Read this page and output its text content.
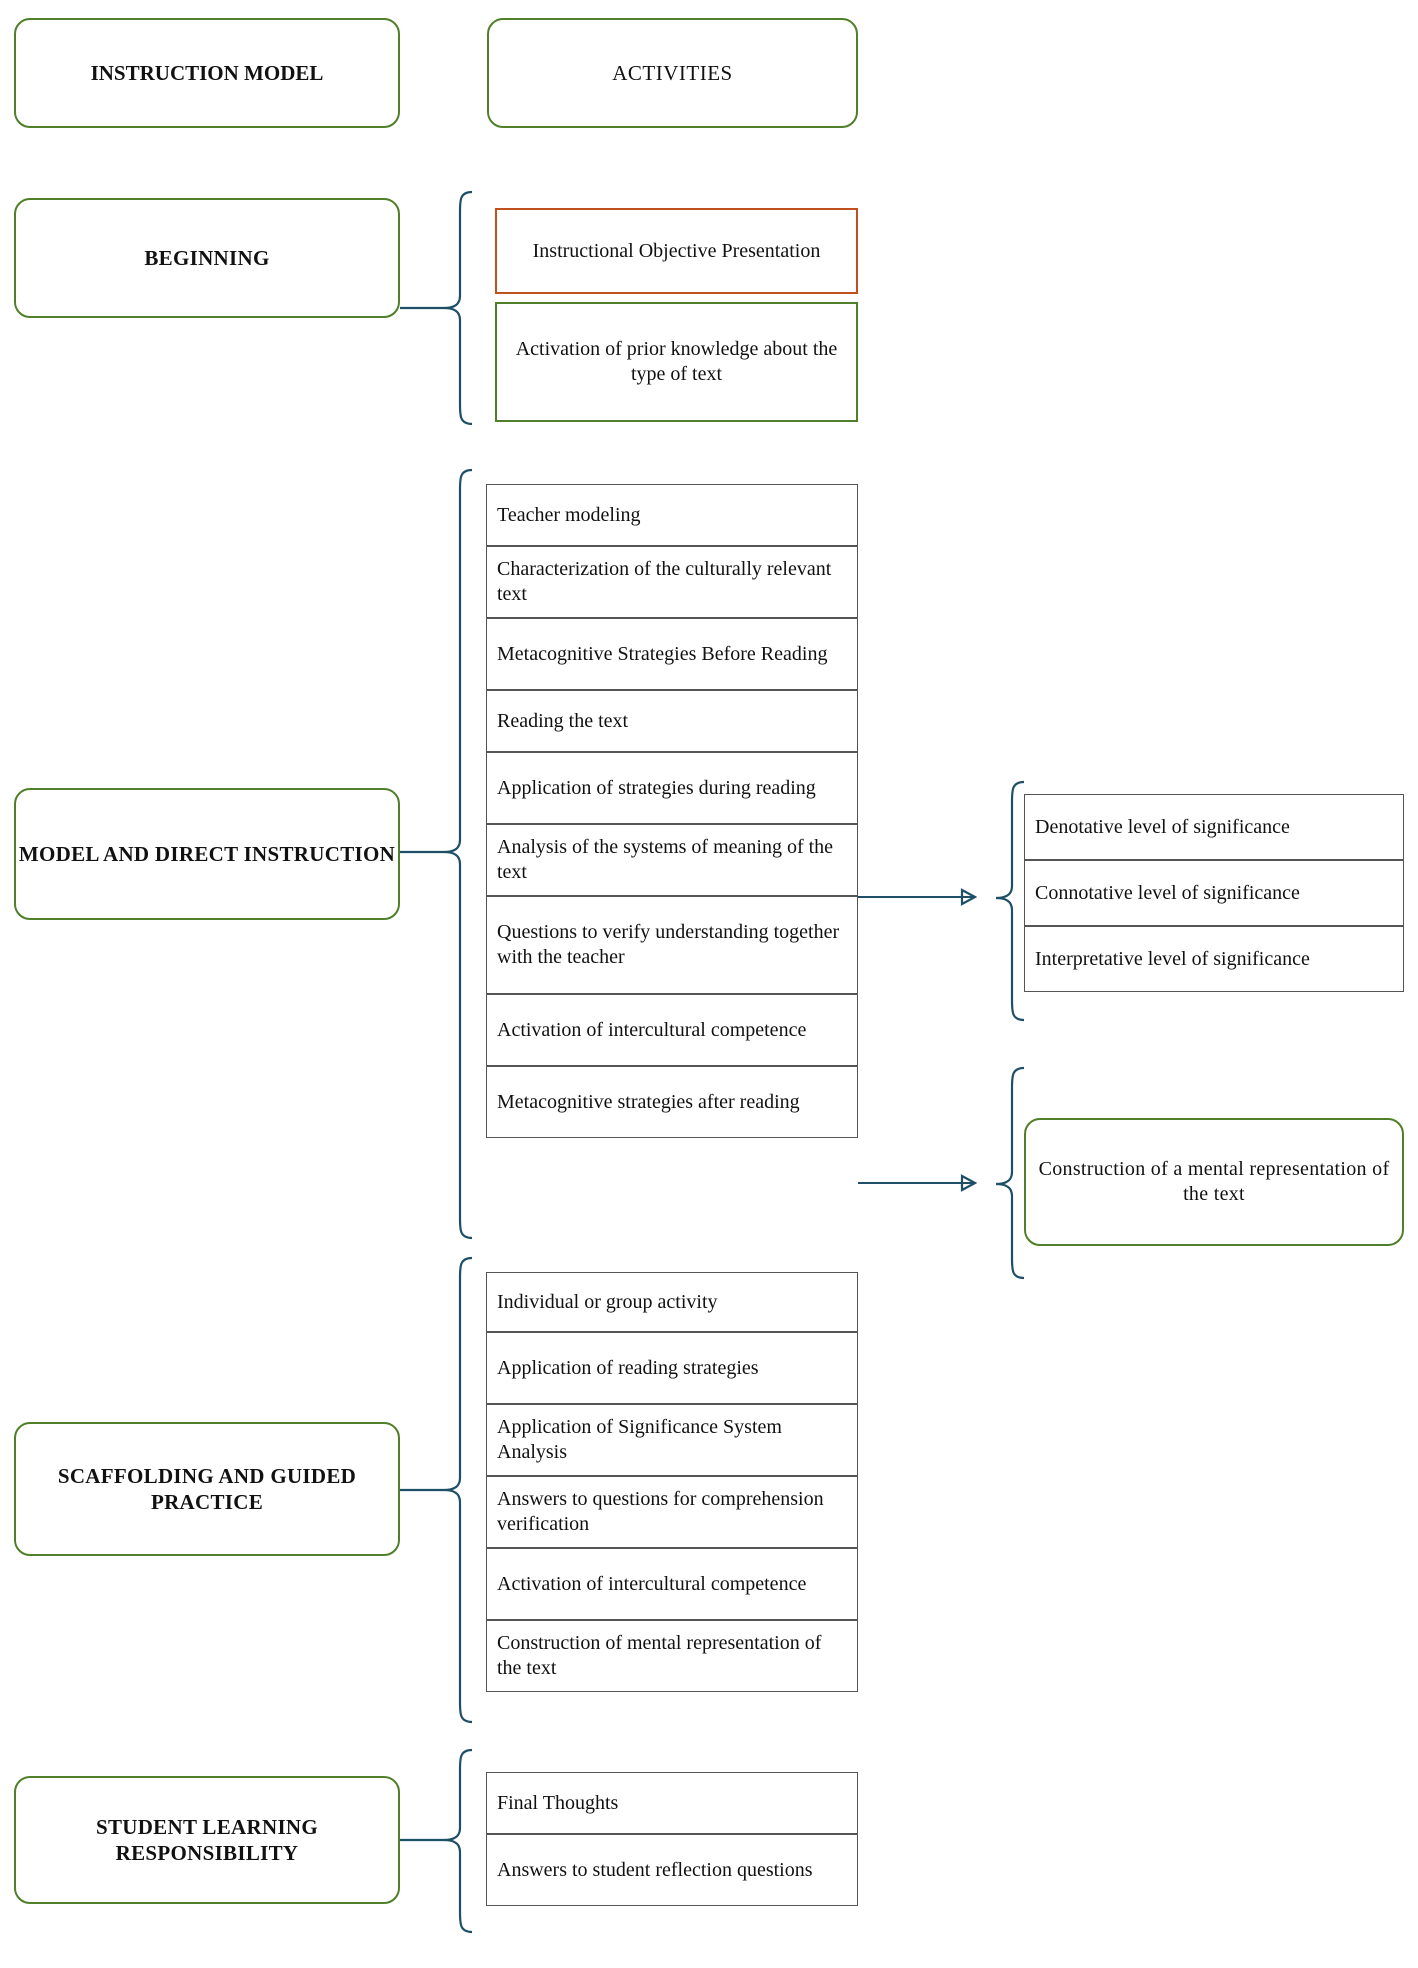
INSTRUCTION MODEL	ACTIVITIES
BEGINNING	Instructional Objective Presentation
Activation of prior knowledge about the type of text
MODEL AND DIRECT INSTRUCTION
Teacher modeling
Characterization of the culturally relevant text
Metacognitive Strategies Before Reading
Reading the text
Application of strategies during reading
Analysis of the systems of meaning of the text
Questions to verify understanding together with the teacher
Activation of intercultural competence
Metacognitive strategies after reading
Denotative level of significance
Connotative level of significance
Interpretative level of significance
Construction of a mental representation of the text
SCAFFOLDING AND GUIDED PRACTICE
Individual or group activity
Application of reading strategies
Application of Significance System Analysis
Answers to questions for comprehension verification
Activation of intercultural competence
Construction of mental representation of the text
STUDENT LEARNING RESPONSIBILITY
Final Thoughts
Answers to student reflection questions
